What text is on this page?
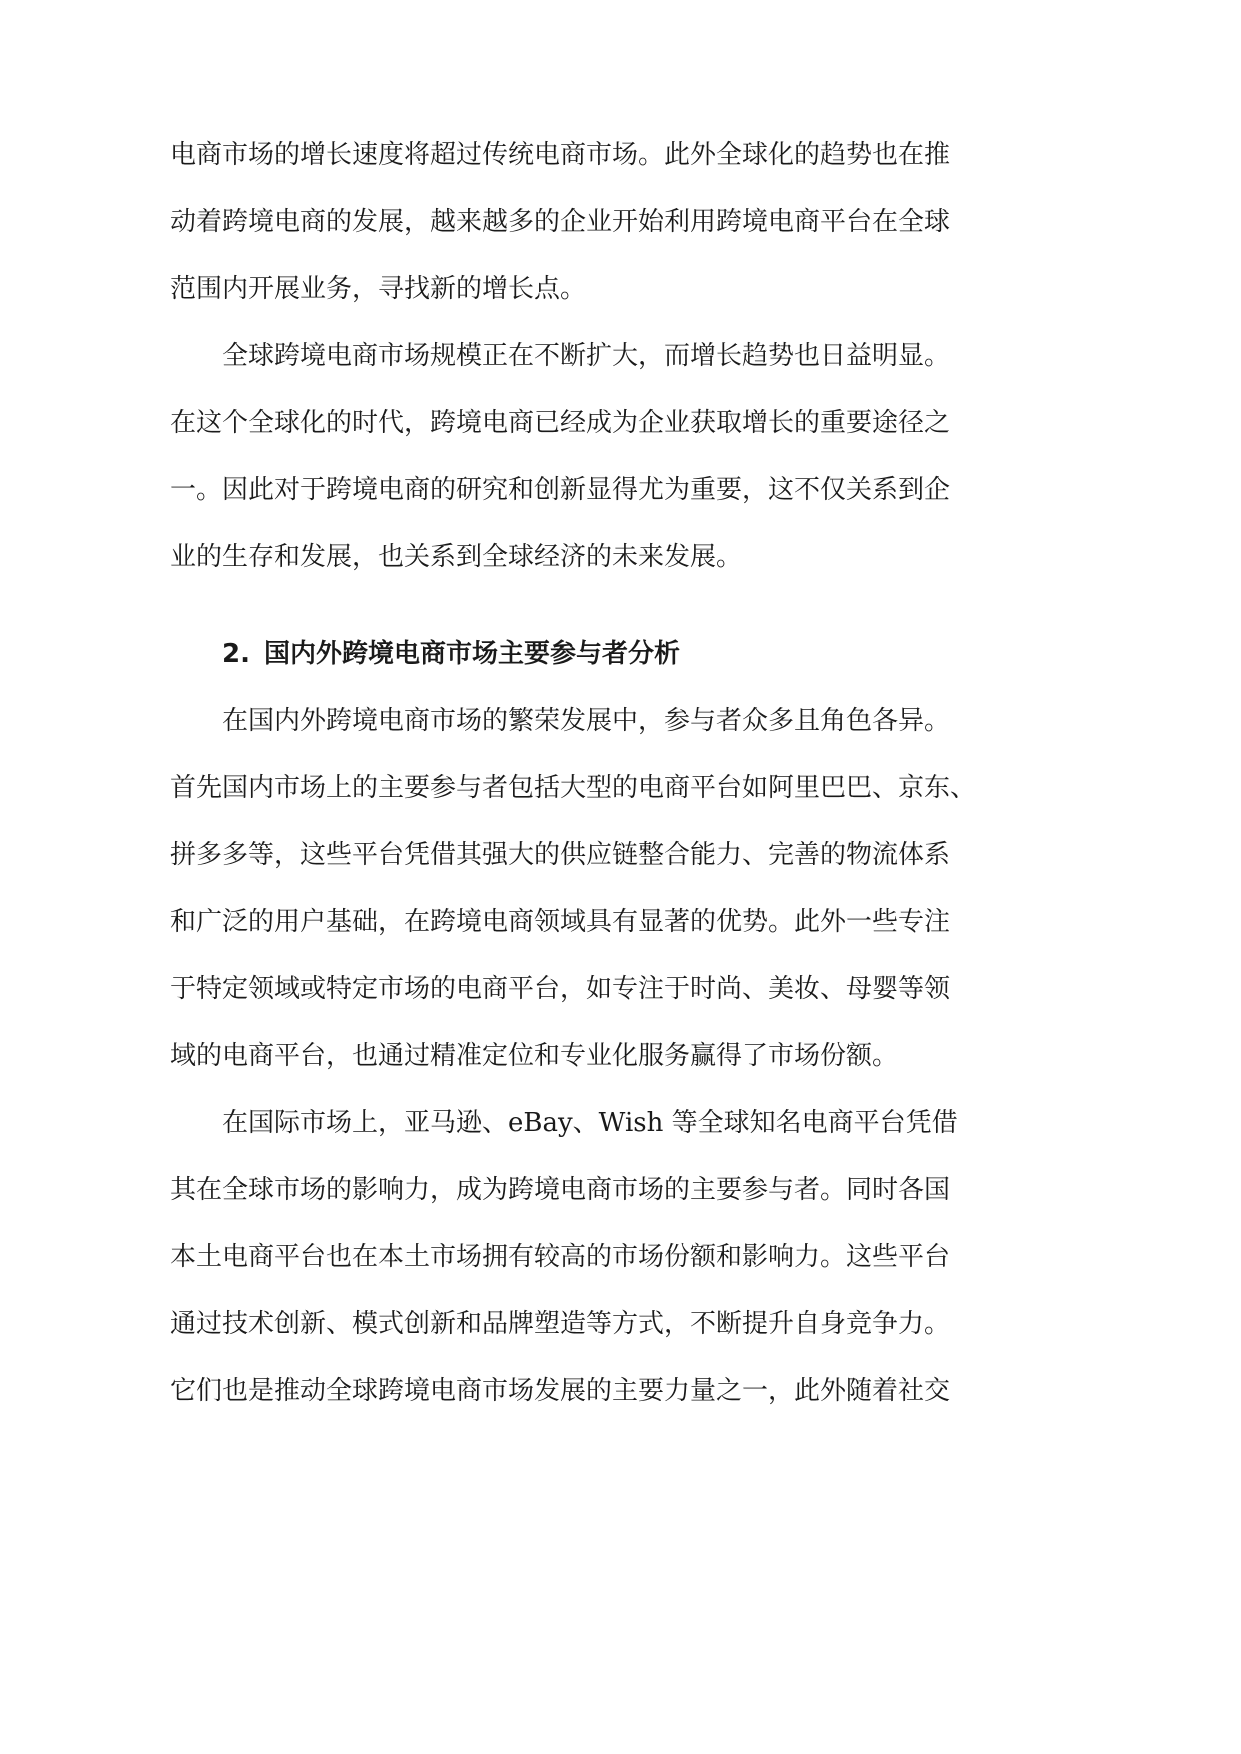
电商市场的增长速度将超过传统电商市场。此外全球化的趋势也在推
动着跨境电商的发展，越来越多的企业开始利用跨境电商平台在全球
范围内开展业务，寻找新的增长点。
全球跨境电商市场规模正在不断扩大，而增长趋势也日益明显。
在这个全球化的时代，跨境电商已经成为企业获取增长的重要途径之
一。因此对于跨境电商的研究和创新显得尤为重要，这不仅关系到企
业的生存和发展，也关系到全球经济的未来发展。
2. 国内外跨境电商市场主要参与者分析
在国内外跨境电商市场的繁荣发展中，参与者众多且角色各异。
首先国内市场上的主要参与者包括大型的电商平台如阿里巴巴、京东、
拼多多等，这些平台凭借其强大的供应链整合能力、完善的物流体系
和广泛的用户基础，在跨境电商领域具有显著的优势。此外一些专注
于特定领域或特定市场的电商平台，如专注于时尚、美妆、母婴等领
域的电商平台，也通过精准定位和专业化服务赢得了市场份额。
在国际市场上，亚马逊、eBay、Wish 等全球知名电商平台凭借
其在全球市场的影响力，成为跨境电商市场的主要参与者。同时各国
本土电商平台也在本土市场拥有较高的市场份额和影响力。这些平台
通过技术创新、模式创新和品牌塑造等方式，不断提升自身竞争力。
它们也是推动全球跨境电商市场发展的主要力量之一，此外随着社交
